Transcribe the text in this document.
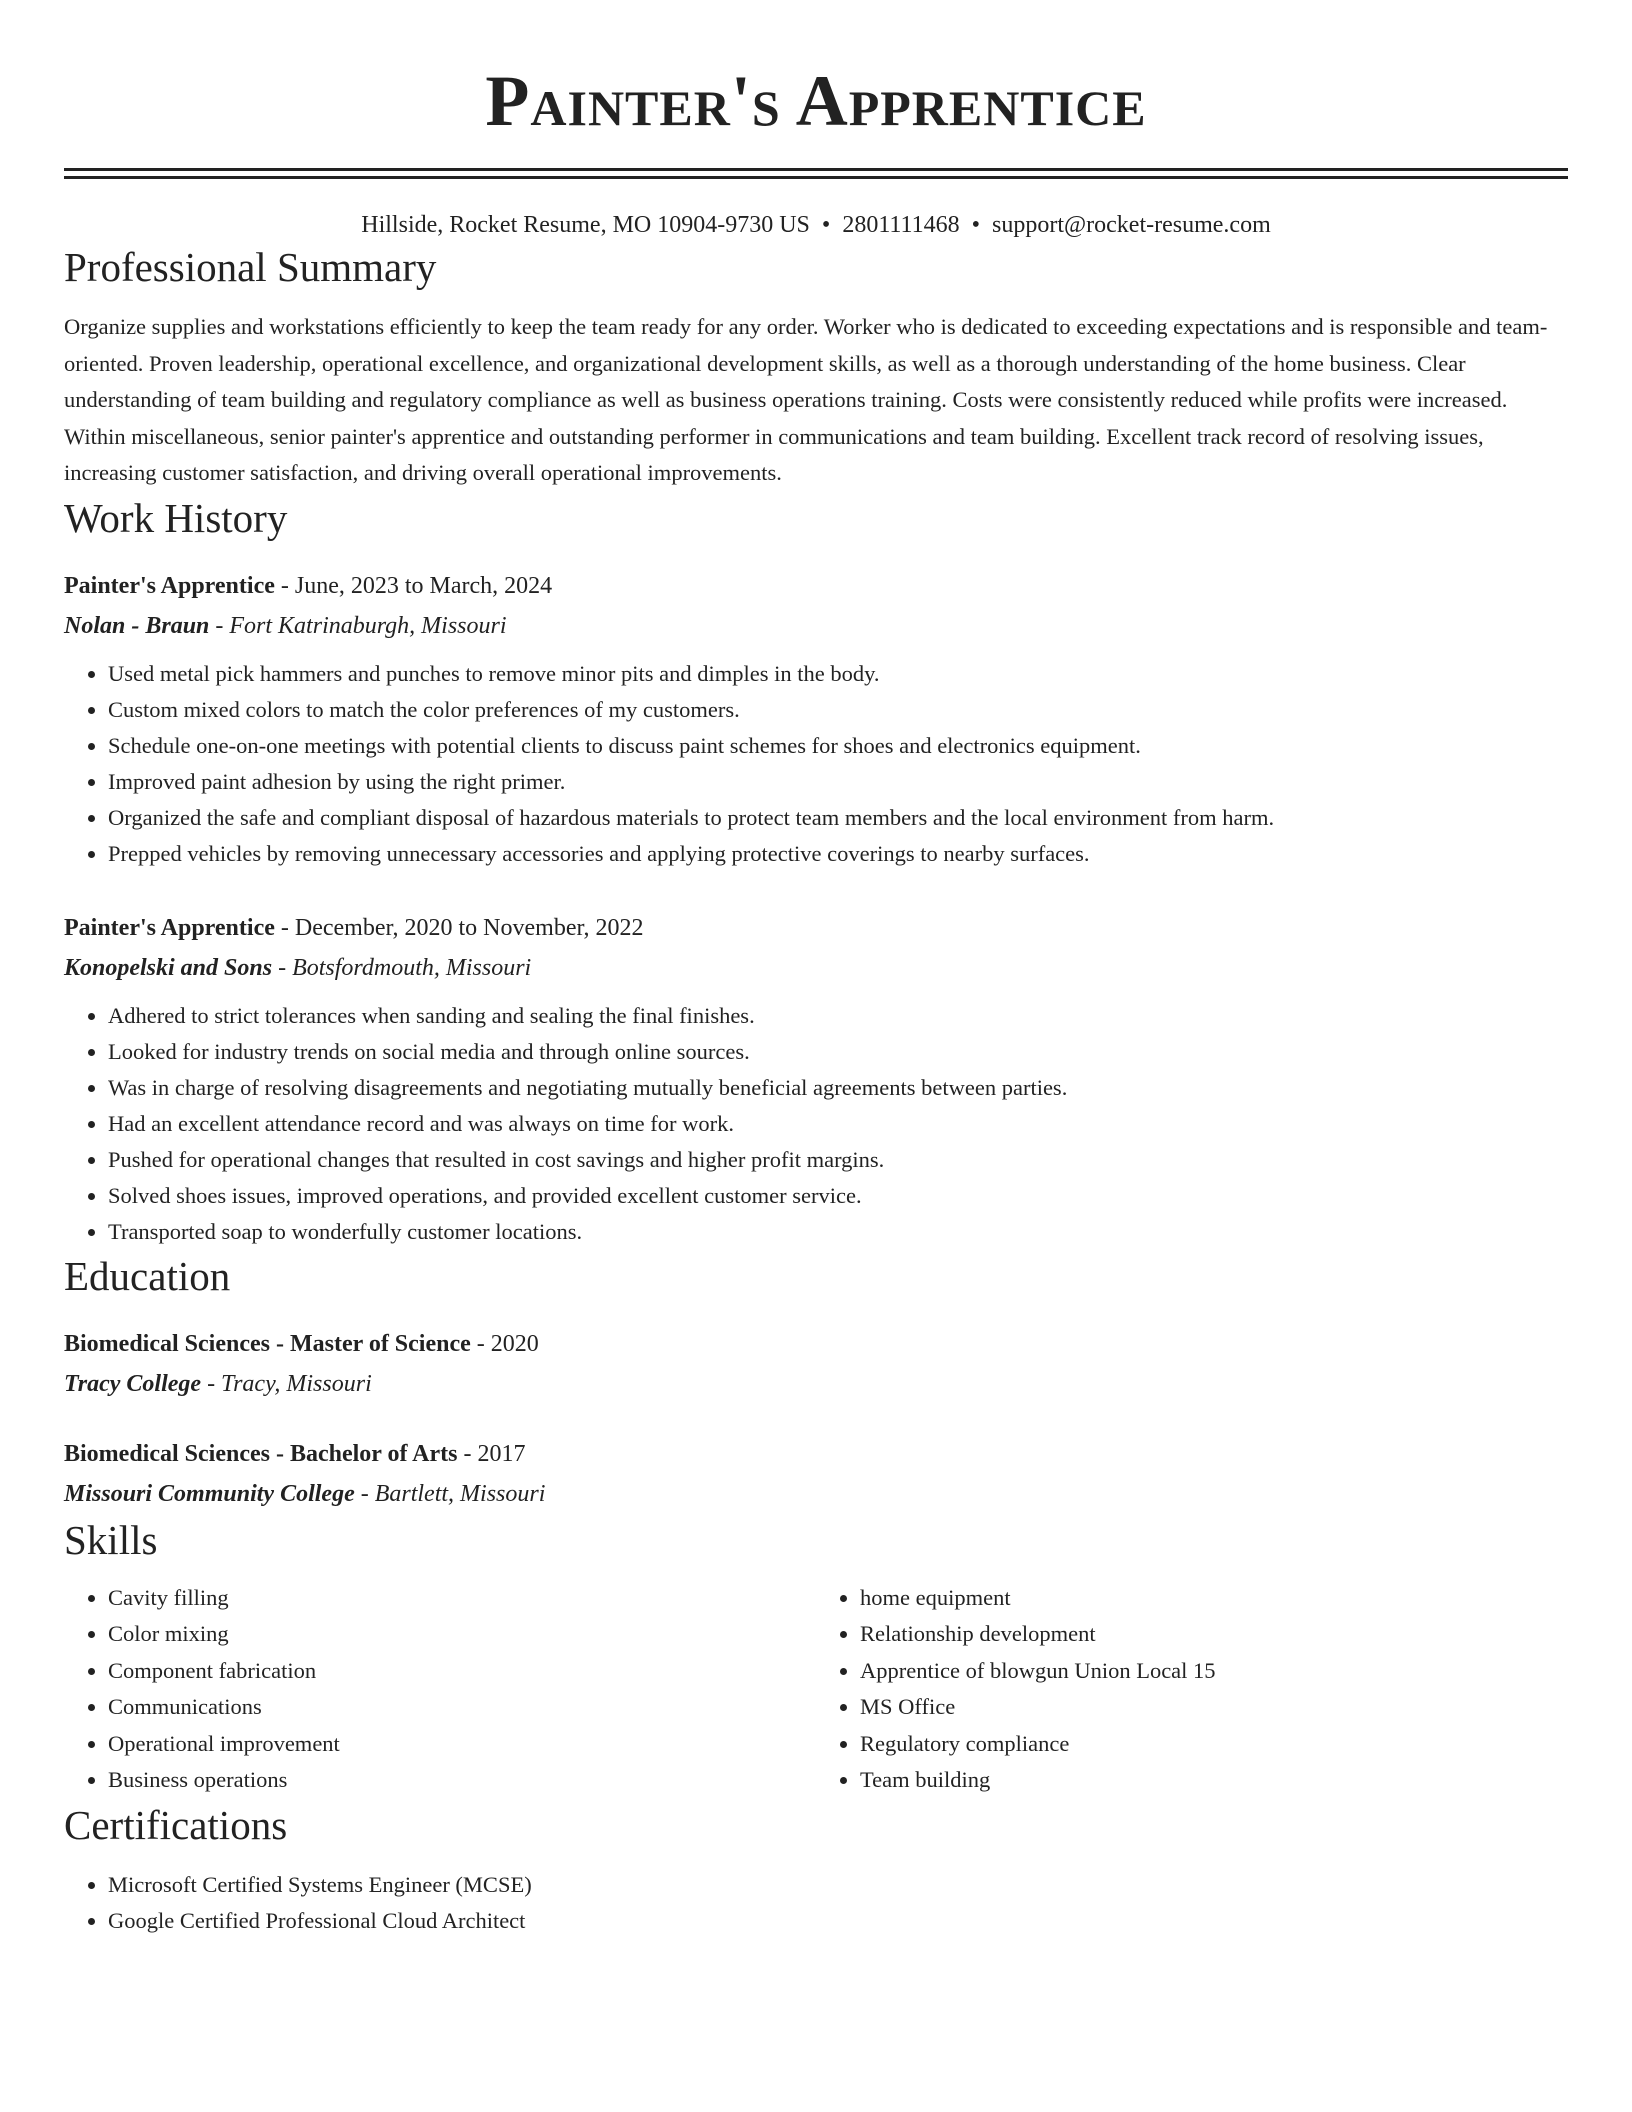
Painter's Apprentice
Hillside, Rocket Resume, MO 10904-9730 US • 2801111468 • support@rocket-resume.com
Professional Summary
Organize supplies and workstations efficiently to keep the team ready for any order. Worker who is dedicated to exceeding expectations and is responsible and team-oriented. Proven leadership, operational excellence, and organizational development skills, as well as a thorough understanding of the home business. Clear understanding of team building and regulatory compliance as well as business operations training. Costs were consistently reduced while profits were increased. Within miscellaneous, senior painter's apprentice and outstanding performer in communications and team building. Excellent track record of resolving issues, increasing customer satisfaction, and driving overall operational improvements.
Work History
Painter's Apprentice - June, 2023 to March, 2024
Nolan - Braun - Fort Katrinaburgh, Missouri
• Used metal pick hammers and punches to remove minor pits and dimples in the body.
• Custom mixed colors to match the color preferences of my customers.
• Schedule one-on-one meetings with potential clients to discuss paint schemes for shoes and electronics equipment.
• Improved paint adhesion by using the right primer.
• Organized the safe and compliant disposal of hazardous materials to protect team members and the local environment from harm.
• Prepped vehicles by removing unnecessary accessories and applying protective coverings to nearby surfaces.
Painter's Apprentice - December, 2020 to November, 2022
Konopelski and Sons - Botsfordmouth, Missouri
• Adhered to strict tolerances when sanding and sealing the final finishes.
• Looked for industry trends on social media and through online sources.
• Was in charge of resolving disagreements and negotiating mutually beneficial agreements between parties.
• Had an excellent attendance record and was always on time for work.
• Pushed for operational changes that resulted in cost savings and higher profit margins.
• Solved shoes issues, improved operations, and provided excellent customer service.
• Transported soap to wonderfully customer locations.
Education
Biomedical Sciences - Master of Science - 2020
Tracy College - Tracy, Missouri
Biomedical Sciences - Bachelor of Arts - 2017
Missouri Community College - Bartlett, Missouri
Skills
• Cavity filling
• Color mixing
• Component fabrication
• Communications
• Operational improvement
• Business operations
• home equipment
• Relationship development
• Apprentice of blowgun Union Local 15
• MS Office
• Regulatory compliance
• Team building
Certifications
• Microsoft Certified Systems Engineer (MCSE)
• Google Certified Professional Cloud Architect
